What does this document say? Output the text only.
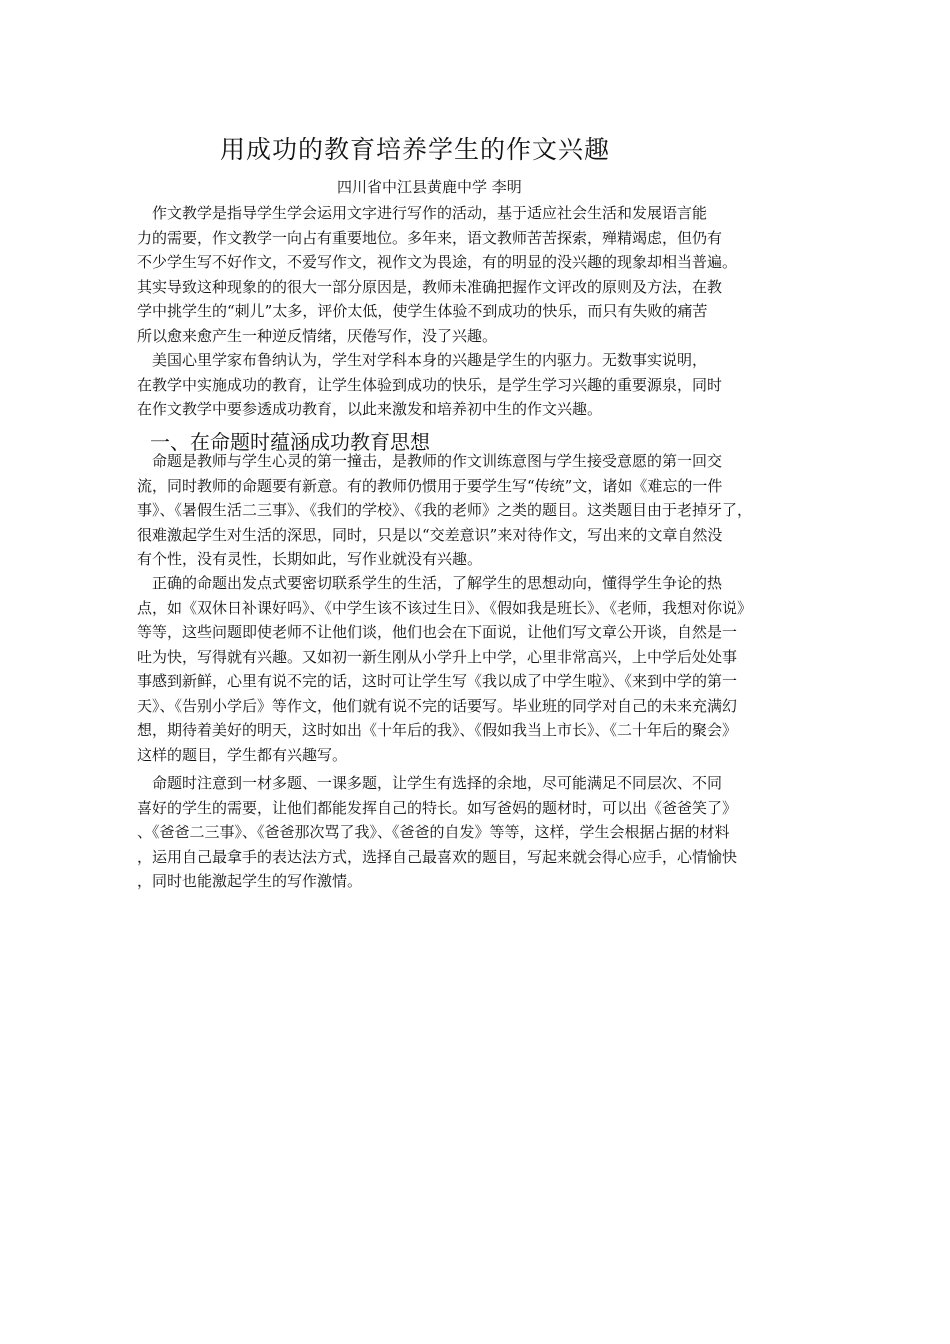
用成功的教育培养学生的作文兴趣
四川省中江县黄鹿中学 李明
　作文教学是指导学生学会运用文字进行写作的活动，基于适应社会生活和发展语言能
力的需要，作文教学一向占有重要地位。多年来，语文教师苦苦探索，殚精竭虑，但仍有
不少学生写不好作文，不爱写作文，视作文为畏途，有的明显的没兴趣的现象却相当普遍。
其实导致这种现象的的很大一部分原因是，教师未准确把握作文评改的原则及方法，在教
学中挑学生的“刺儿”太多，评价太低，使学生体验不到成功的快乐，而只有失败的痛苦
所以愈来愈产生一种逆反情绪，厌倦写作，没了兴趣。
　美国心里学家布鲁纳认为，学生对学科本身的兴趣是学生的内驱力。无数事实说明，
在教学中实施成功的教育，让学生体验到成功的快乐，是学生学习兴趣的重要源泉，同时
在作文教学中要参透成功教育，以此来激发和培养初中生的作文兴趣。
一、在命题时蕴涵成功教育思想
　命题是教师与学生心灵的第一撞击，是教师的作文训练意图与学生接受意愿的第一回交
流，同时教师的命题要有新意。有的教师仍惯用于要学生写“传统”文，诸如《难忘的一件
事》、《暑假生活二三事》、《我们的学校》、《我的老师》之类的题目。这类题目由于老掉牙了，
很难激起学生对生活的深思，同时，只是以“交差意识”来对待作文，写出来的文章自然没
有个性，没有灵性，长期如此，写作业就没有兴趣。
　正确的命题出发点式要密切联系学生的生活，了解学生的思想动向，懂得学生争论的热
点，如《双休日补课好吗》、《中学生该不该过生日》、《假如我是班长》、《老师，我想对你说》
等等，这些问题即使老师不让他们谈，他们也会在下面说，让他们写文章公开谈，自然是一
吐为快，写得就有兴趣。又如初一新生刚从小学升上中学，心里非常高兴，上中学后处处事
事感到新鲜，心里有说不完的话，这时可让学生写《我以成了中学生啦》、《来到中学的第一
天》、《告别小学后》等作文，他们就有说不完的话要写。毕业班的同学对自己的未来充满幻
想，期待着美好的明天，这时如出《十年后的我》、《假如我当上市长》、《二十年后的聚会》
这样的题目，学生都有兴趣写。
　命题时注意到一材多题、一课多题，让学生有选择的余地，尽可能满足不同层次、不同
喜好的学生的需要，让他们都能发挥自己的特长。如写爸妈的题材时，可以出《爸爸笑了》
、《爸爸二三事》、《爸爸那次骂了我》、《爸爸的自发》等等，这样，学生会根据占据的材料
，运用自己最拿手的表达法方式，选择自己最喜欢的题目，写起来就会得心应手，心情愉快
，同时也能激起学生的写作激情。
